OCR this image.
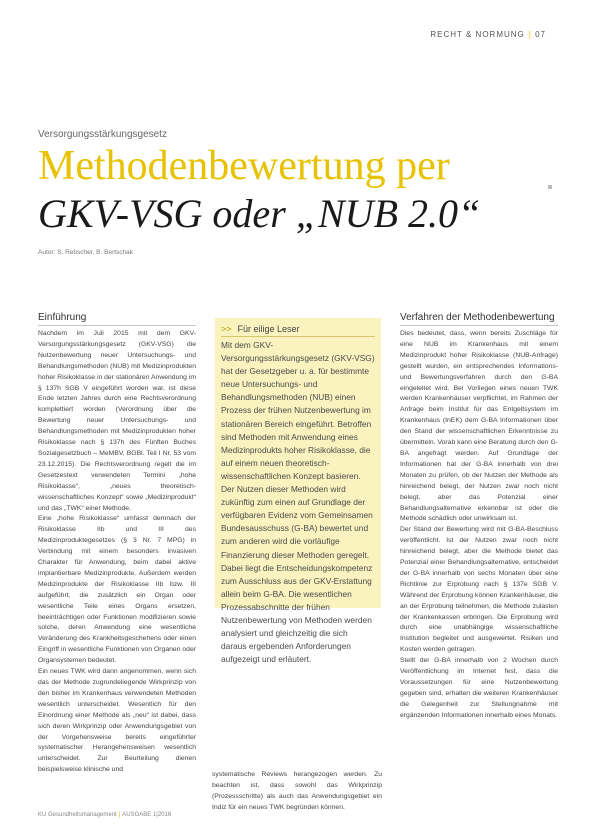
RECHT & NORMUNG | 07
Versorgungsstärkungsgesetz
Methodenbewertung per
GKV-VSG oder „NUB 2.0“
Autor: S. Rebscher, B. Bertschak
Einführung

Nachdem im Juli 2015 mit dem GKV-Versorgungsstärkungsgesetz (GKV-VSG) die Nutzenbewertung neuer Untersuchungs- und Behandlungsmethoden (NUB) mit Medizinprodukten hoher Risikoklasse in der stationären Anwendung im § 137h SGB V eingeführt worden war, ist diese Ende letzten Jahres durch eine Rechtsverordnung komplettiert worden (Verordnung über die Bewertung neuer Untersuchungs- und Behandlungsmethoden mit Medizinprodukten hoher Risikoklasse nach § 137h des Fünften Buches Sozialgesetzbuch – MeMBV, BGBl. Teil I Nr. 53 vom 23.12.2015). Die Rechtsverordnung regelt die im Gesetzestext verwendeten Termini „hohe Risikoklasse“, „neues theoretisch-wissenschaftliches Konzept“ sowie „Medizinprodukt“ und das „TWK“ einer Methode.

Eine „hohe Risikoklasse“ umfasst demnach der Risikoklasse IIb und III des Medizinproduktegesetzes (§ 3 Nr. 7 MPG) in Verbindung mit einem besonders invasiven Charakter für Anwendung, beim dabei aktive implantierbare Medizinprodukte. Außerdem werden Medizinprodukte der Risikoklasse IIb bzw. III aufgeführt, die zusätzlich ein Organ oder wesentliche Teile eines Organs ersetzen, beeinträchtigen oder Funktionen modifizieren sowie solche, deren Anwendung eine wesentliche Veränderung des Krankheitsgeschehens oder einen Eingriff in wesentliche Funktionen von Organen oder Organsystemen bedeutet.

Ein neues TWK wird dann angenommen, wenn sich das der Methode zugrundeliegende Wirkprinzip von den bisher im Krankenhaus verwendeten Methoden wesentlich unterscheidet. Wesentlich für den Einordnung einer Methode als „neu“ ist dabei, dass sich deren Wirkprinzip oder Anwendungsgebiet von der Vorgehensweise bereits eingeführter systematischer Herangehensweisen wesentlich unterscheidet. Zur Beurteilung dienen beispielsweise klinische und

>> Für eilige Leser
Mit dem GKV-Versorgungsstärkungsgesetz (GKV-VSG) hat der Gesetzgeber u. a. für bestimmte neue Untersuchungs- und Behandlungsmethoden (NUB) einen Prozess der frühen Nutzenbewertung im stationären Bereich eingeführt. Betroffen sind Methoden mit Anwendung eines Medizinprodukts hoher Risikoklasse, die auf einem neuen theoretisch-wissenschaftlichen Konzept basieren. Der Nutzen dieser Methoden wird zukünftig zum einen auf Grundlage der verfügbaren Evidenz vom Gemeinsamen Bundesausschuss (G-BA) bewertet und zum anderen wird die vorläufige Finanzierung dieser Methoden geregelt. Dabei liegt die Entscheidungskompetenz zum Ausschluss aus der GKV-Erstattung allein beim G-BA. Die wesentlichen Prozessabschnitte der frühen Nutzenbewertung von Methoden werden analysiert und gleichzeitig die sich daraus ergebenden Anforderungen aufgezeigt und erläutert.
systematische Reviews herangezogen werden. Zu beachten ist, dass sowohl das Wirkprinzip (Prozessschritte) als auch das Anwendungsgebiet ein Indiz für ein neues TWK begründen können.
Verfahren der Methodenbewertung

Dies bedeutet, dass, wenn bereits Zuschläge für eine NUB im Krankenhaus mit einem Medizinprodukt hoher Risikoklasse (NUB-Anfrage) gestellt wurden, ein entsprechendes Informations- und Bewertungsverfahren durch den G-BA eingeleitet wird. Bei Vorliegen eines neuen TWK werden Krankenhäuser verpflichtet, im Rahmen der Anfrage beim Institut für das Entgeltsystem im Krankenhaus (InEK) dem G-BA Informationen über den Stand der wissenschaftlichen Erkenntnisse zu übermitteln. Vorab kann eine Beratung durch den G-BA angefragt werden. Auf Grundlage der Informationen hat der G-BA innerhalb von drei Monaten zu prüfen, ob der Nutzen der Methode als hinreichend belegt, der Nutzen zwar noch nicht belegt, aber das Potenzial einer Behandlungsalternative erkennbar ist oder die Methode schädlich oder unwirksam ist.

Der Stand der Bewertung wird mit G-BA-Beschluss veröffentlicht. Ist der Nutzen zwar noch nicht hinreichend belegt, aber die Methode bietet das Potenzial einer Behandlungsalternative, entscheidet der G-BA innerhalb von sechs Monaten über eine Richtlinie zur Erprobung nach § 137e SGB V. Während der Erprobung können Krankenhäuser, die an der Erprobung teilnehmen, die Methode zulasten der Krankenkassen erbringen. Die Erprobung wird durch eine unabhängige wissenschaftliche Institution begleitet und ausgewertet. Risiken und Kosten werden getragen.

Stellt der G-BA innerhalb von 2 Wochen durch Veröffentlichung im Internet fest, dass die Voraussetzungen für eine Nutzenbewertung gegeben sind, erhalten die weiteren Krankenhäuser die Gelegenheit zur Stellungnahme mit ergänzenden Informationen innerhalb eines Monats.

KU Gesundheitsmanagement | AUSGABE 1|2016
